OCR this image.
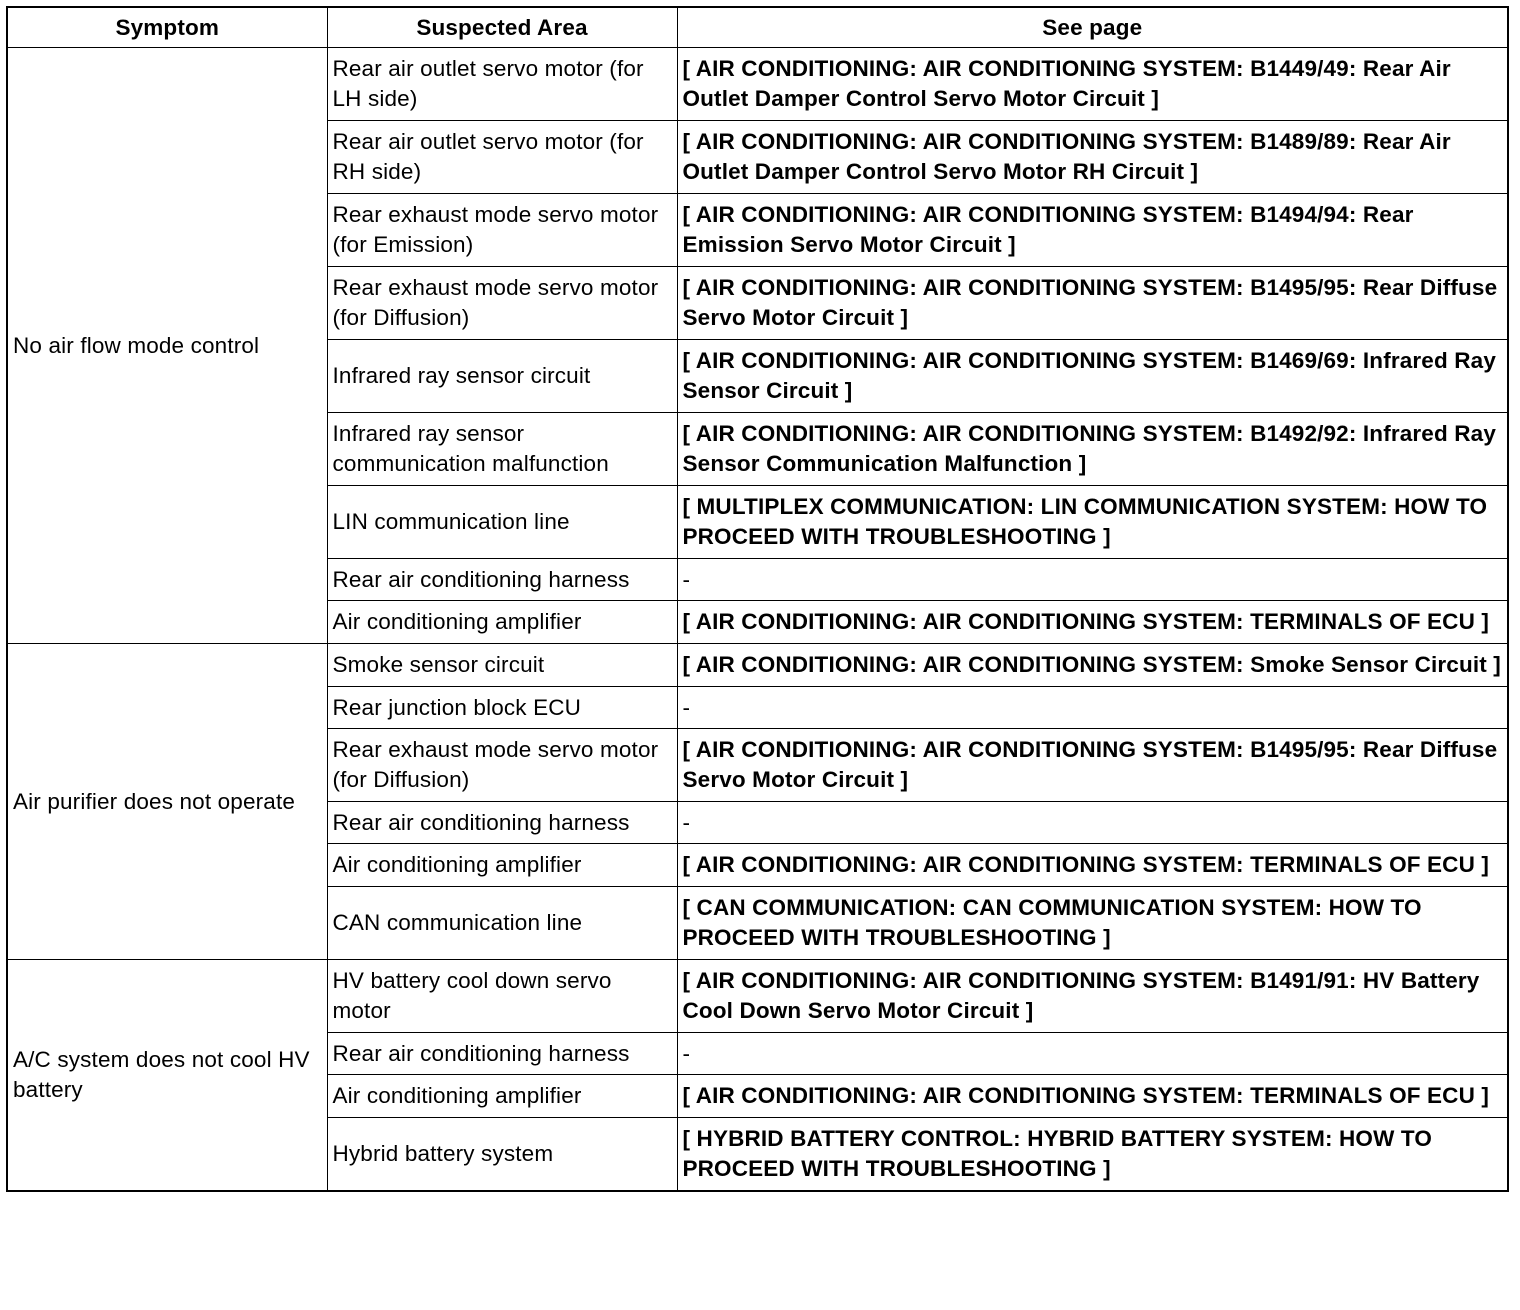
Symptom	Suspected Area	See page
No air flow mode control	Rear air outlet servo motor (for LH side)	[ AIR CONDITIONING: AIR CONDITIONING SYSTEM: B1449/49: Rear Air Outlet Damper Control Servo Motor Circuit ]
	Rear air outlet servo motor (for RH side)	[ AIR CONDITIONING: AIR CONDITIONING SYSTEM: B1489/89: Rear Air Outlet Damper Control Servo Motor RH Circuit ]
	Rear exhaust mode servo motor (for Emission)	[ AIR CONDITIONING: AIR CONDITIONING SYSTEM: B1494/94: Rear Emission Servo Motor Circuit ]
	Rear exhaust mode servo motor (for Diffusion)	[ AIR CONDITIONING: AIR CONDITIONING SYSTEM: B1495/95: Rear Diffuse Servo Motor Circuit ]
	Infrared ray sensor circuit	[ AIR CONDITIONING: AIR CONDITIONING SYSTEM: B1469/69: Infrared Ray Sensor Circuit ]
	Infrared ray sensor communication malfunction	[ AIR CONDITIONING: AIR CONDITIONING SYSTEM: B1492/92: Infrared Ray Sensor Communication Malfunction ]
	LIN communication line	[ MULTIPLEX COMMUNICATION: LIN COMMUNICATION SYSTEM: HOW TO PROCEED WITH TROUBLESHOOTING ]
	Rear air conditioning harness	-
	Air conditioning amplifier	[ AIR CONDITIONING: AIR CONDITIONING SYSTEM: TERMINALS OF ECU ]
Air purifier does not operate	Smoke sensor circuit	[ AIR CONDITIONING: AIR CONDITIONING SYSTEM: Smoke Sensor Circuit ]
	Rear junction block ECU	-
	Rear exhaust mode servo motor (for Diffusion)	[ AIR CONDITIONING: AIR CONDITIONING SYSTEM: B1495/95: Rear Diffuse Servo Motor Circuit ]
	Rear air conditioning harness	-
	Air conditioning amplifier	[ AIR CONDITIONING: AIR CONDITIONING SYSTEM: TERMINALS OF ECU ]
	CAN communication line	[ CAN COMMUNICATION: CAN COMMUNICATION SYSTEM: HOW TO PROCEED WITH TROUBLESHOOTING ]
A/C system does not cool HV battery	HV battery cool down servo motor	[ AIR CONDITIONING: AIR CONDITIONING SYSTEM: B1491/91: HV Battery Cool Down Servo Motor Circuit ]
	Rear air conditioning harness	-
	Air conditioning amplifier	[ AIR CONDITIONING: AIR CONDITIONING SYSTEM: TERMINALS OF ECU ]
	Hybrid battery system	[ HYBRID BATTERY CONTROL: HYBRID BATTERY SYSTEM: HOW TO PROCEED WITH TROUBLESHOOTING ]
